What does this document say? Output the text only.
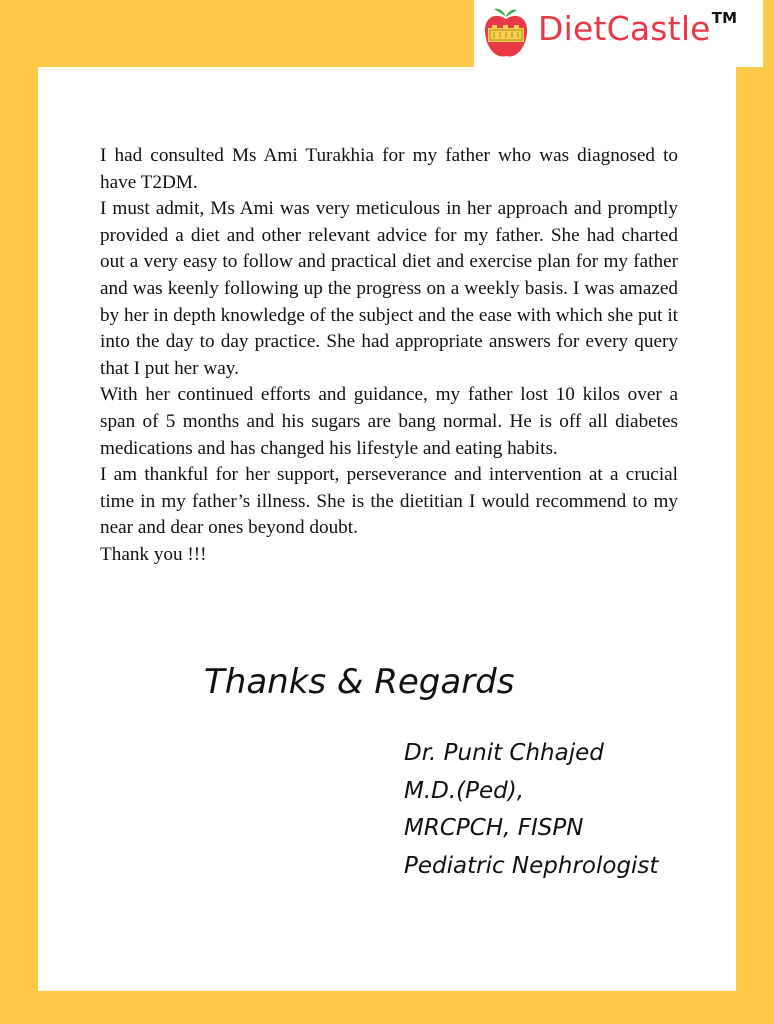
DietCastle™
I had consulted Ms Ami Turakhia for my father who was diagnosed to have T2DM.
I must admit, Ms Ami was very meticulous in her approach and promptly provided a diet and other relevant advice for my father. She had charted out a very easy to follow and practical diet and exercise plan for my father and was keenly following up the progress on a weekly basis. I was amazed by her in depth knowledge of the subject and the ease with which she put it into the day to day practice. She had appropriate answers for every query that I put her way.
With her continued efforts and guidance, my father lost 10 kilos over a span of 5 months and his sugars are bang normal. He is off all diabetes medications and has changed his lifestyle and eating habits.
I am thankful for her support, perseverance and intervention at a crucial time in my father’s illness. She is the dietitian I would recommend to my near and dear ones beyond doubt.
Thank you !!!
Thanks & Regards
Dr. Punit Chhajed
M.D.(Ped),
MRCPCH, FISPN
Pediatric Nephrologist
